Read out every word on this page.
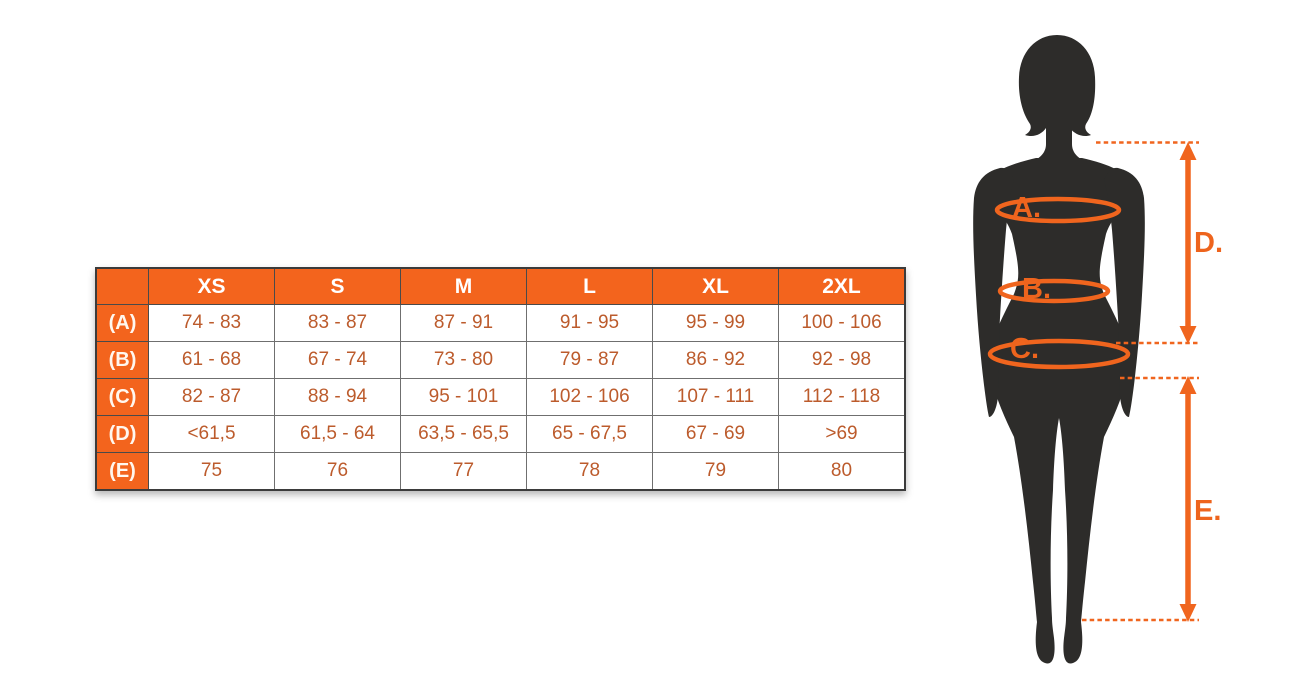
	XS	S	M	L	XL	2XL
(A)	74 - 83	83 - 87	87 - 91	91 - 95	95 - 99	100 - 106
(B)	61 - 68	67 - 74	73 - 80	79 - 87	86 - 92	92 - 98
(C)	82 - 87	88 - 94	95 - 101	102 - 106	107 - 111	112 - 118
(D)	<61,5	61,5 - 64	63,5 - 65,5	65 - 67,5	67 - 69	>69
(E)	75	76	77	78	79	80
A.
B.
C.
D.
E.
